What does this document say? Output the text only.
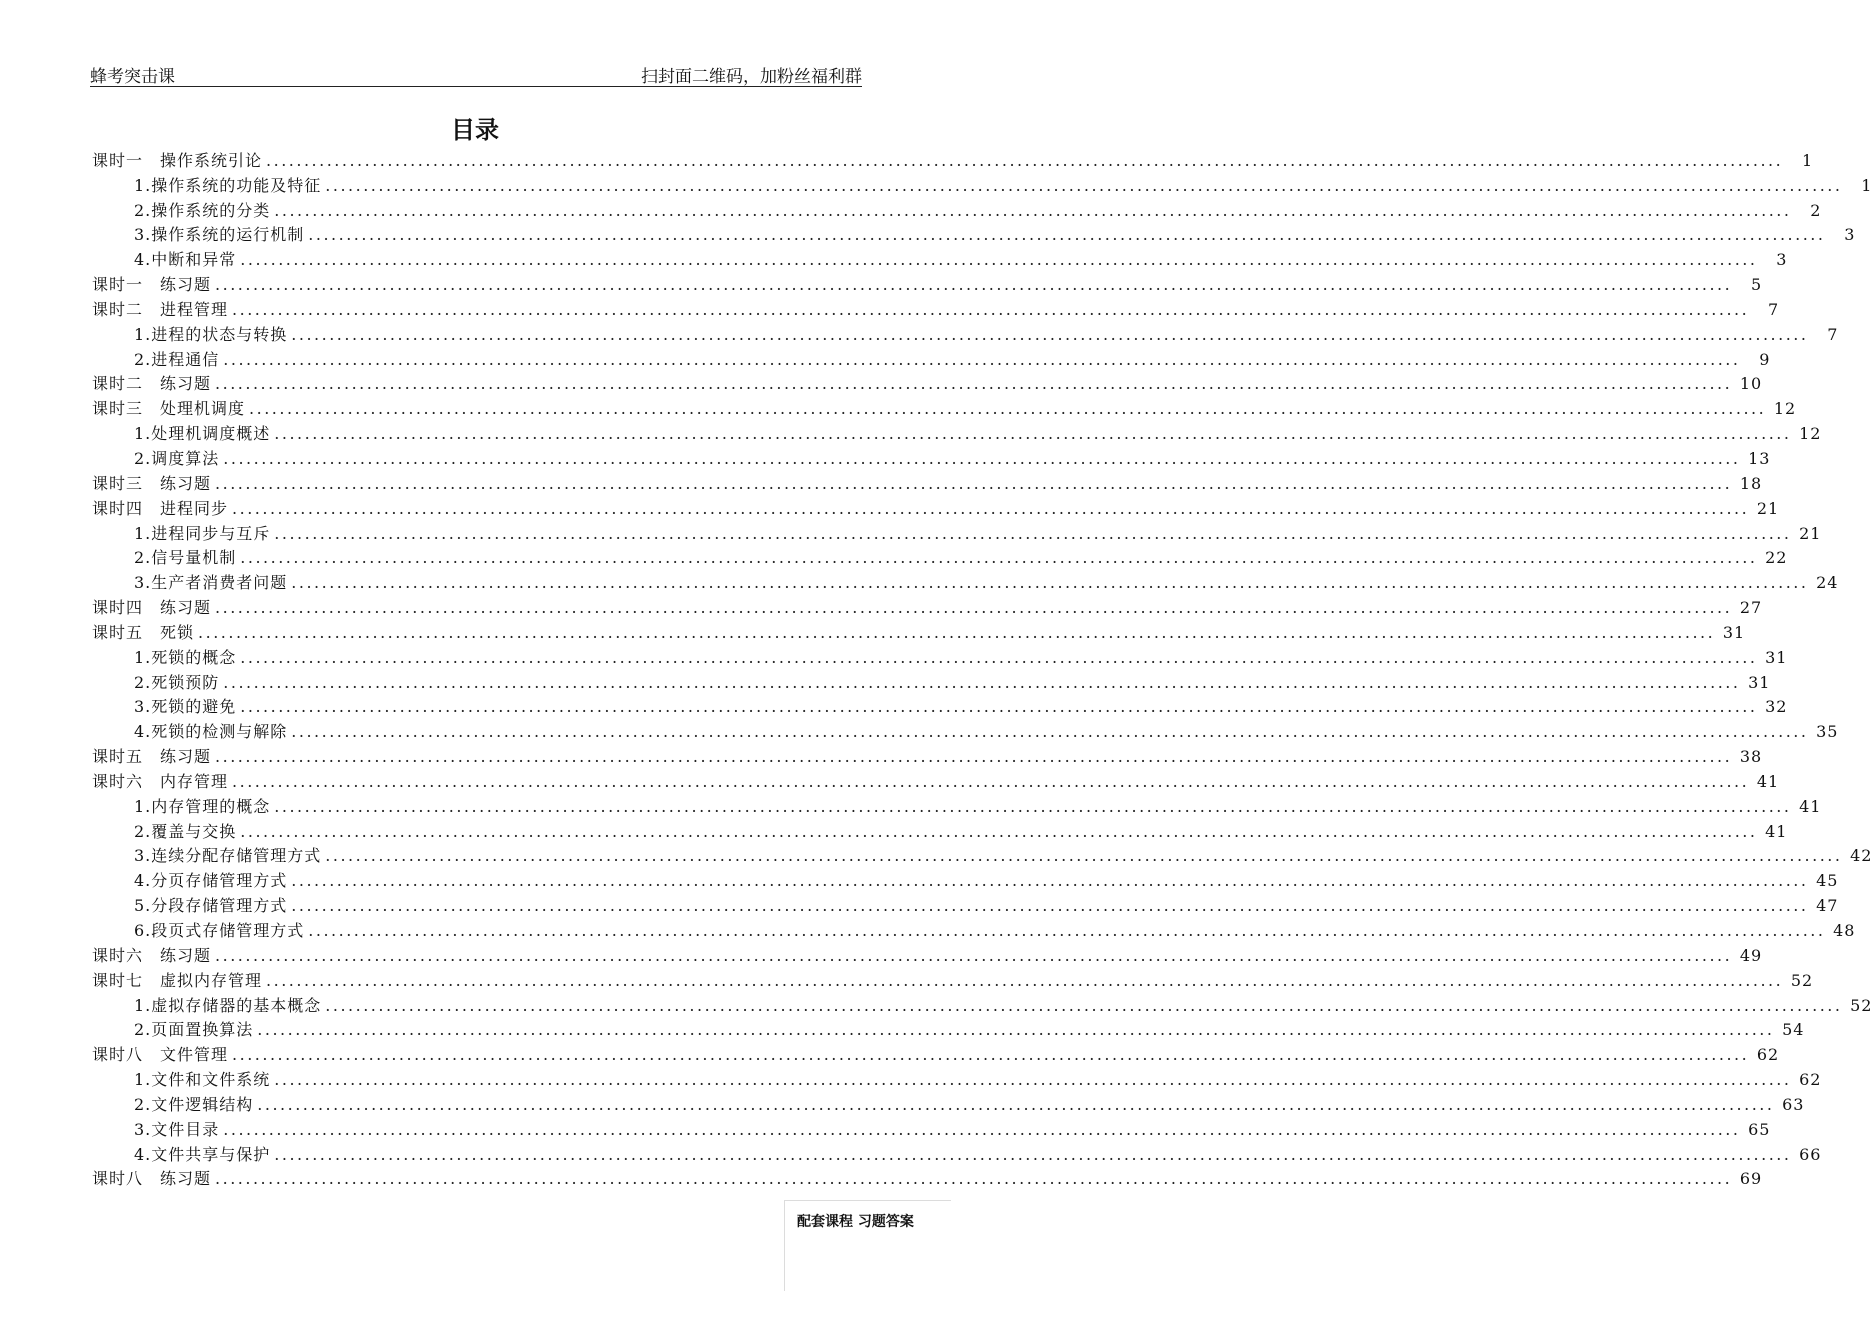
蜂考突击课	扫封面二维码，加粉丝福利群
目录
课时一　操作系统引论 ........................................................................................................................................................................................................	1
1.操作系统的功能及特征 ........................................................................................................................................................................................................	1
2.操作系统的分类 ........................................................................................................................................................................................................	2
3.操作系统的运行机制 ........................................................................................................................................................................................................	3
4.中断和异常 ........................................................................................................................................................................................................	3
课时一　练习题 ........................................................................................................................................................................................................	5
课时二　进程管理 ........................................................................................................................................................................................................	7
1.进程的状态与转换 ........................................................................................................................................................................................................	7
2.进程通信 ........................................................................................................................................................................................................	9
课时二　练习题 ........................................................................................................................................................................................................ 10
课时三　处理机调度 ........................................................................................................................................................................................................ 12
1.处理机调度概述 ........................................................................................................................................................................................................ 12
2.调度算法 ........................................................................................................................................................................................................ 13
课时三　练习题 ........................................................................................................................................................................................................ 18
课时四　进程同步 ........................................................................................................................................................................................................ 21
1.进程同步与互斥 ........................................................................................................................................................................................................ 21
2.信号量机制 ........................................................................................................................................................................................................ 22
3.生产者消费者问题 ........................................................................................................................................................................................................ 24
课时四　练习题 ........................................................................................................................................................................................................ 27
课时五　死锁 ........................................................................................................................................................................................................ 31
1.死锁的概念 ........................................................................................................................................................................................................ 31
2.死锁预防 ........................................................................................................................................................................................................ 31
3.死锁的避免 ........................................................................................................................................................................................................ 32
4.死锁的检测与解除 ........................................................................................................................................................................................................ 35
课时五　练习题 ........................................................................................................................................................................................................ 38
课时六　内存管理 ........................................................................................................................................................................................................ 41
1.内存管理的概念 ........................................................................................................................................................................................................ 41
2.覆盖与交换 ........................................................................................................................................................................................................ 41
3.连续分配存储管理方式 ........................................................................................................................................................................................................ 42
4.分页存储管理方式 ........................................................................................................................................................................................................ 45
5.分段存储管理方式 ........................................................................................................................................................................................................ 47
6.段页式存储管理方式 ........................................................................................................................................................................................................ 48
课时六　练习题 ........................................................................................................................................................................................................ 49
课时七　虚拟内存管理 ........................................................................................................................................................................................................ 52
1.虚拟存储器的基本概念 ........................................................................................................................................................................................................ 52
2.页面置换算法 ........................................................................................................................................................................................................ 54
课时八　文件管理 ........................................................................................................................................................................................................ 62
1.文件和文件系统 ........................................................................................................................................................................................................ 62
2.文件逻辑结构 ........................................................................................................................................................................................................ 63
3.文件目录 ........................................................................................................................................................................................................ 65
4.文件共享与保护 ........................................................................................................................................................................................................ 66
课时八　练习题 ........................................................................................................................................................................................................ 69
配套课程 习题答案
